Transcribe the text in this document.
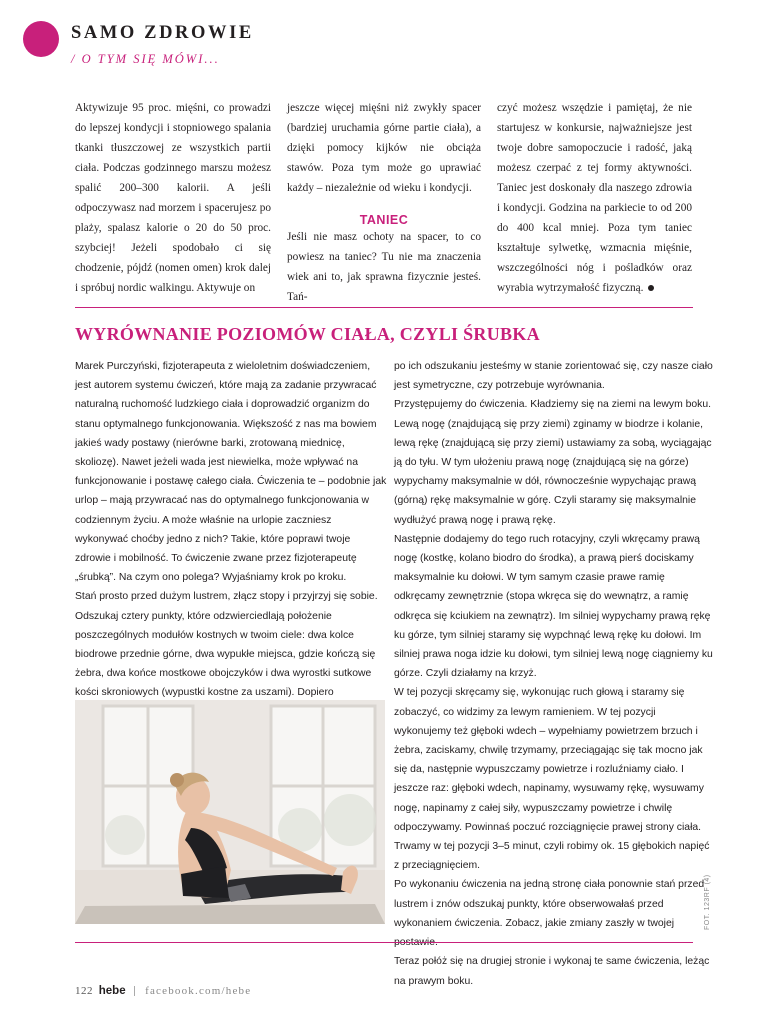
SAMO ZDROWIE
/ O TYM SIĘ MÓWI...

Aktywizuje 95 proc. mięśni, co prowadzi do lepszej kondycji i stopniowego spalania tkanki tłuszczowej ze wszystkich partii ciała. Podczas godzinnego marszu możesz spalić 200–300 kalorii. A jeśli odpoczywasz nad morzem i spacerujesz po plaży, spalasz kalorie o 20 do 50 proc. szybciej! Jeżeli spodobało ci się chodzenie, pójdź (nomen omen) krok dalej i spróbuj nordic walkingu. Aktywuje on

jeszcze więcej mięśni niż zwykły spacer (bardziej uruchamia górne partie ciała), a dzięki pomocy kijków nie obciąża stawów. Poza tym może go uprawiać każdy – niezależnie od wieku i kondycji.

TANIEC

Jeśli nie masz ochoty na spacer, to co powiesz na taniec? Tu nie ma znaczenia wiek ani to, jak sprawna fizycznie jesteś. Tań-

czyć możesz wszędzie i pamiętaj, że nie startujesz w konkursie, najważniejsze jest twoje dobre samopoczucie i radość, jaką możesz czerpać z tej formy aktywności. Taniec jest doskonały dla naszego zdrowia i kondycji. Godzina na parkiecie to od 200 do 400 kcal mniej. Poza tym taniec kształtuje sylwetkę, wzmacnia mięśnie, wszczególności nóg i pośladków oraz wyrabia wytrzymałość fizyczną.

WYRÓWNANIE POZIOMÓW CIAŁA, CZYLI ŚRUBKA

Marek Purczyński, fizjoterapeuta z wieloletnim doświadczeniem, jest autorem systemu ćwiczeń, które mają za zadanie przywracać naturalną ruchomość ludzkiego ciała i doprowadzić organizm do stanu optymalnego funkcjonowania. Większość z nas ma bowiem jakieś wady postawy (nierówne barki, zrotowaną miednicę, skoliozę). Nawet jeżeli wada jest niewielka, może wpływać na funkcjonowanie i postawę całego ciała. Ćwiczenia te – podobnie jak urlop – mają przywracać nas do optymalnego funkcjonowania w codziennym życiu. A może właśnie na urlopie zaczniesz wykonywać choćby jedno z nich? Takie, które poprawi twoje zdrowie i mobilność. To ćwiczenie zwane przez fizjoterapeutę „śrubką”. Na czym ono polega? Wyjaśniamy krok po kroku.

Stań prosto przed dużym lustrem, złącz stopy i przyjrzyj się sobie. Odszukaj cztery punkty, które odzwierciedlają położenie poszczególnych modułów kostnych w twoim ciele: dwa kolce biodrowe przednie górne, dwa wypukłe miejsca, gdzie kończą się żebra, dwa końce mostkowe obojczyków i dwa wyrostki sutkowe kości skroniowych (wypustki kostne za uszami). Dopiero

po ich odszukaniu jesteśmy w stanie zorientować się, czy nasze ciało jest symetryczne, czy potrzebuje wyrównania.

Przystępujemy do ćwiczenia. Kładziemy się na ziemi na lewym boku. Lewą nogę (znajdującą się przy ziemi) zginamy w biodrze i kolanie, lewą rękę (znajdującą się przy ziemi) ustawiamy za sobą, wyciągając ją do tyłu. W tym ułożeniu prawą nogę (znajdującą się na górze) wypychamy maksymalnie w dół, równocześnie wypychając prawą (górną) rękę maksymalnie w górę. Czyli staramy się maksymalnie wydłużyć prawą nogę i prawą rękę.

Następnie dodajemy do tego ruch rotacyjny, czyli wkręcamy prawą nogę (kostkę, kolano biodro do środka), a prawą pierś dociskamy maksymalnie ku dołowi. W tym samym czasie prawe ramię odkręcamy zewnętrznie (stopa wkręca się do wewnątrz, a ramię odkręca się kciukiem na zewnątrz). Im silniej wypychamy prawą rękę ku górze, tym silniej staramy się wypchnąć lewą rękę ku dołowi. Im silniej prawa noga idzie ku dołowi, tym silniej lewą nogę ciągniemy ku górze. Czyli działamy na krzyż.

W tej pozycji skręcamy się, wykonując ruch głową i staramy się zobaczyć, co widzimy za lewym ramieniem. W tej pozycji wykonujemy też głęboki wdech – wypełniamy powietrzem brzuch i żebra, zaciskamy, chwilę trzymamy, przeciągając się tak mocno jak się da, następnie wypuszczamy powietrze i rozluźniamy ciało. I jeszcze raz: głęboki wdech, napinamy, wysuwamy rękę, wysuwamy nogę, napinamy z całej siły, wypuszczamy powietrze i chwilę odpoczywamy. Powinnaś poczuć rozciągnięcie prawej strony ciała. Trwamy w tej pozycji 3–5 minut, czyli robimy ok. 15 głębokich napięć z przeciągnięciem.

Po wykonaniu ćwiczenia na jedną stronę ciała ponownie stań przed lustrem i znów odszukaj punkty, które obserwowałaś przed wykonaniem ćwiczenia. Zobacz, jakie zmiany zaszły w twojej

Teraz połóż się na drugiej stronie i wykonaj te same ćwiczenia, leżąc na prawym boku.

FOT. 123RF (4)
122 hebe facebook.com/hebe
